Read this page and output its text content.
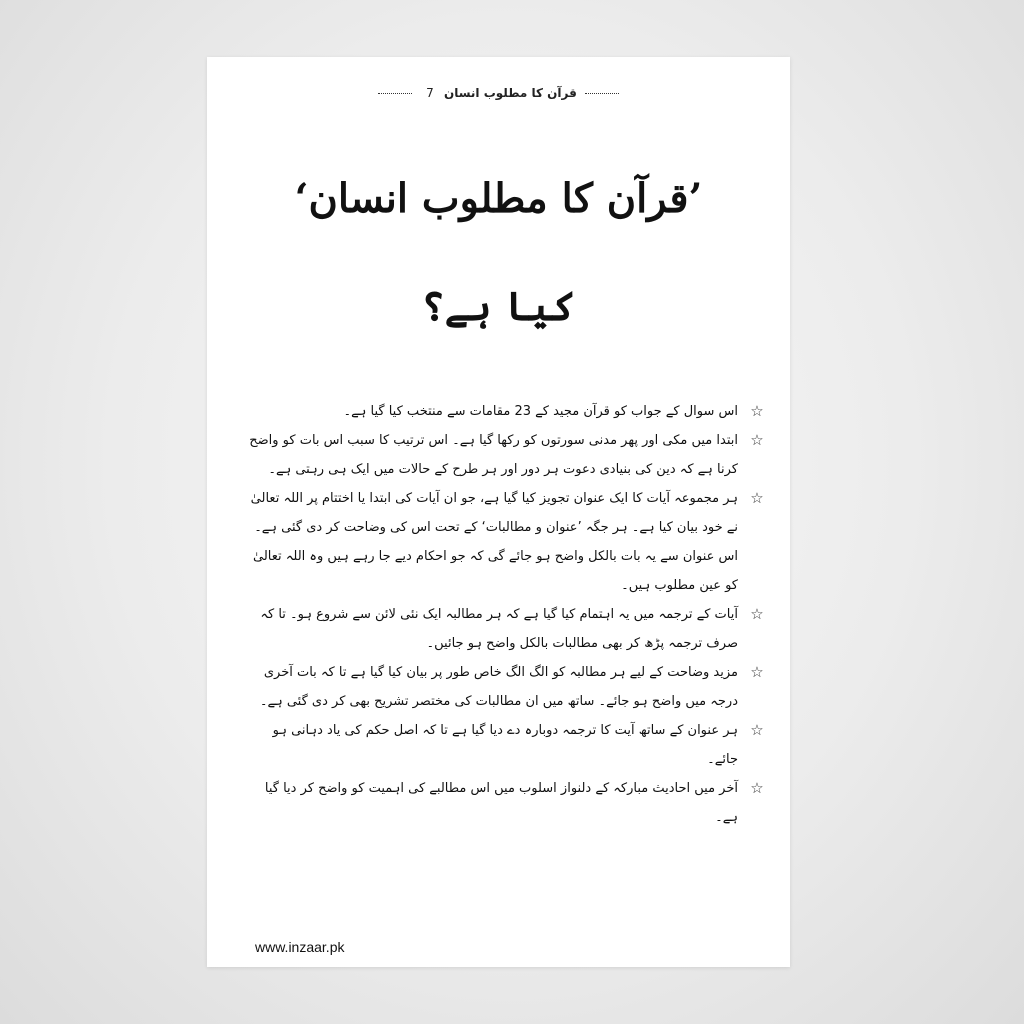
قرآن کا مطلوب انسان 7
’قرآن کا مطلوب انسان‘
کیا ہے؟
☆

اس سوال کے جواب کو قرآن مجید کے 23 مقامات سے منتخب کیا گیا ہے۔

☆

ابتدا میں مکی اور پھر مدنی سورتوں کو رکھا گیا ہے۔ اس ترتیب کا سبب اس بات کو واضح کرنا ہے کہ دین کی بنیادی دعوت ہر دور اور ہر طرح کے حالات میں ایک ہی رہتی ہے۔

☆

ہر مجموعہ آیات کا ایک عنوان تجویز کیا گیا ہے، جو ان آیات کی ابتدا یا اختتام پر اللہ تعالیٰ نے خود بیان کیا ہے۔ ہر جگہ ’عنوان و مطالبات‘ کے تحت اس کی وضاحت کر دی گئی ہے۔

اس عنوان سے یہ بات بالکل واضح ہو جائے گی کہ جو احکام دیے جا رہے ہیں وہ اللہ تعالیٰ کو عین مطلوب ہیں۔

☆

آیات کے ترجمہ میں یہ اہتمام کیا گیا ہے کہ ہر مطالبہ ایک نئی لائن سے شروع ہو۔ تا کہ صرف ترجمہ پڑھ کر بھی مطالبات بالکل واضح ہو جائیں۔

☆

مزید وضاحت کے لیے ہر مطالبہ کو الگ الگ خاص طور پر بیان کیا گیا ہے تا کہ بات آخری درجہ میں واضح ہو جائے۔ ساتھ میں ان مطالبات کی مختصر تشریح بھی کر دی گئی ہے۔

☆

ہر عنوان کے ساتھ آیت کا ترجمہ دوبارہ دے دیا گیا ہے تا کہ اصل حکم کی یاد دہانی ہو جائے۔

☆

آخر میں احادیث مبارکہ کے دلنواز اسلوب میں اس مطالبے کی اہمیت کو واضح کر دیا گیا ہے۔

www.inzaar.pk
